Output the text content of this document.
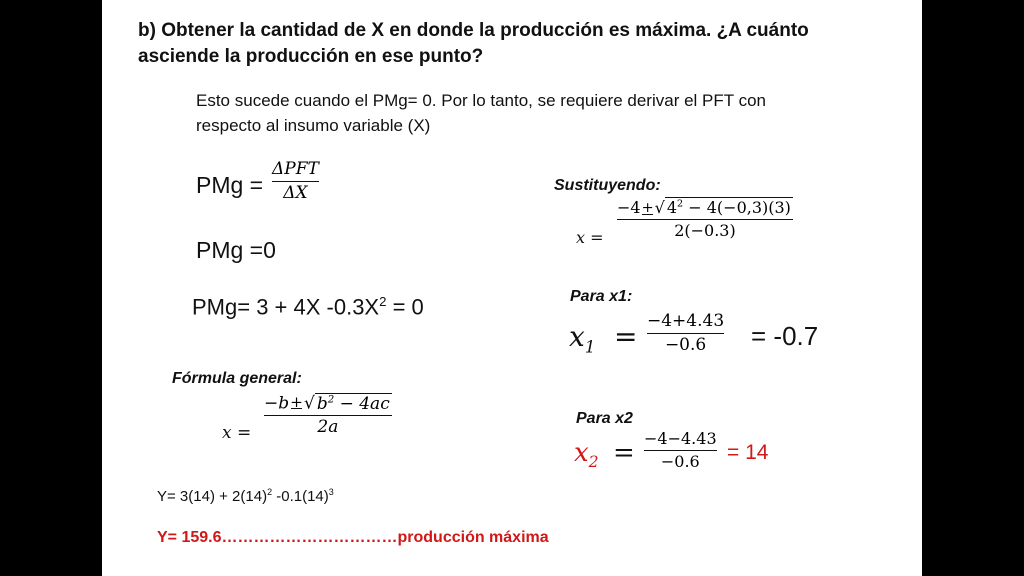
b) Obtener la cantidad de X en donde la producción es máxima. ¿A cuánto
asciende la producción en ese punto?
Esto sucede cuando el PMg= 0. Por lo tanto, se requiere derivar el PFT con
respecto al insumo variable (X)
PMg =
ΔPFT
ΔX
PMg =0
PMg= 3 + 4X $-0.3X^2 = 0$
Fórmula general:
x =
−b + √ $b^2 - 4ac$
2a
Sustituyendo:
x =
−4 + √ $4^2 - 4(-0,3)(3)$
2(−0.3)
Para x1:
$x_1 = -4+4.43$
−0.6 = -0.7
Para x2
$x_2 = -4-4.43$
−0.6 = 14
$Y= 3(14) + 2(14)^2$ $-0.1(14)^3$
Y= 159.6……………………………producción máxima
